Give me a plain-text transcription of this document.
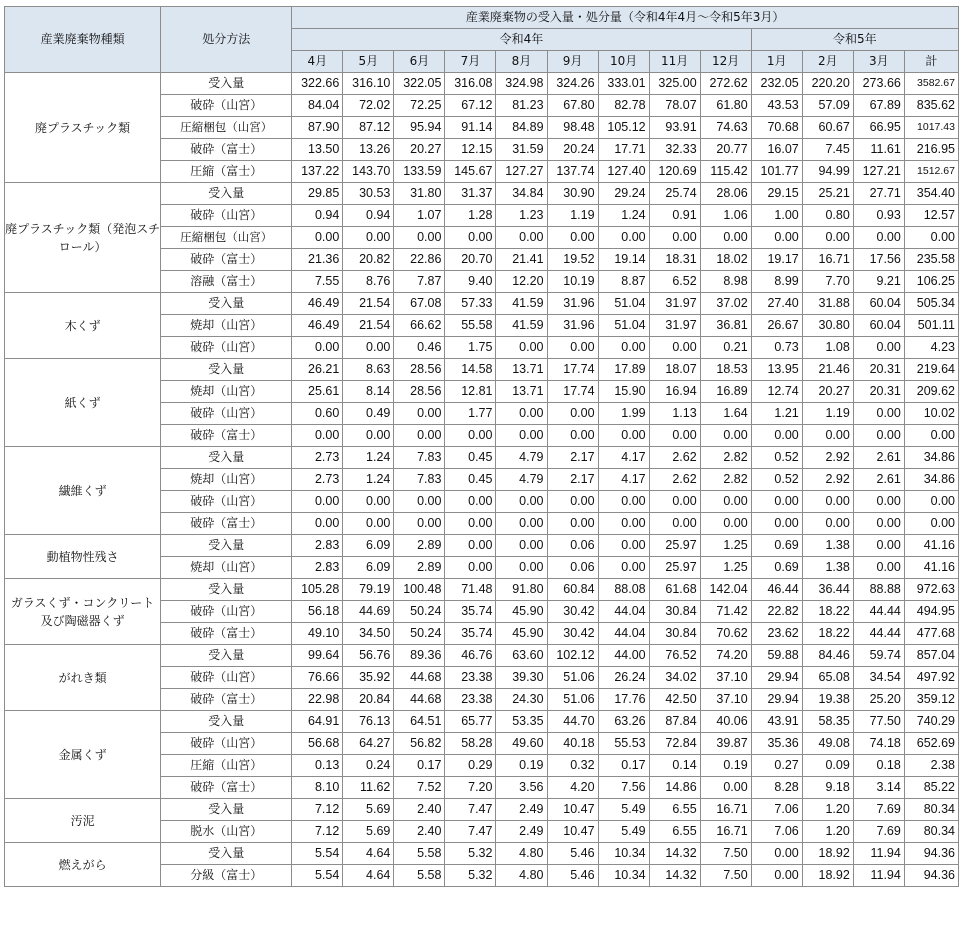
産業廃棄物種類	処分方法	産業廃棄物の受入量・処分量（令和4年4月～令和5年3月）												
		令和4年									令和5年			
		4月	5月	6月	7月	8月	9月	10月	11月	12月	1月	2月	3月	計
廃プラスチック類	受入量	322.66	316.10	322.05	316.08	324.98	324.26	333.01	325.00	272.62	232.05	220.20	273.66	3582.67
	破砕（山宮）	84.04	72.02	72.25	67.12	81.23	67.80	82.78	78.07	61.80	43.53	57.09	67.89	835.62
	圧縮梱包（山宮）	87.90	87.12	95.94	91.14	84.89	98.48	105.12	93.91	74.63	70.68	60.67	66.95	1017.43
	破砕（富士）	13.50	13.26	20.27	12.15	31.59	20.24	17.71	32.33	20.77	16.07	7.45	11.61	216.95
	圧縮（富士）	137.22	143.70	133.59	145.67	127.27	137.74	127.40	120.69	115.42	101.77	94.99	127.21	1512.67
廃プラスチック類（発泡スチロール）	受入量	29.85	30.53	31.80	31.37	34.84	30.90	29.24	25.74	28.06	29.15	25.21	27.71	354.40
	破砕（山宮）	0.94	0.94	1.07	1.28	1.23	1.19	1.24	0.91	1.06	1.00	0.80	0.93	12.57
	圧縮梱包（山宮）	0.00	0.00	0.00	0.00	0.00	0.00	0.00	0.00	0.00	0.00	0.00	0.00	0.00
	破砕（富士）	21.36	20.82	22.86	20.70	21.41	19.52	19.14	18.31	18.02	19.17	16.71	17.56	235.58
	溶融（富士）	7.55	8.76	7.87	9.40	12.20	10.19	8.87	6.52	8.98	8.99	7.70	9.21	106.25
木くず	受入量	46.49	21.54	67.08	57.33	41.59	31.96	51.04	31.97	37.02	27.40	31.88	60.04	505.34
	焼却（山宮）	46.49	21.54	66.62	55.58	41.59	31.96	51.04	31.97	36.81	26.67	30.80	60.04	501.11
	破砕（山宮）	0.00	0.00	0.46	1.75	0.00	0.00	0.00	0.00	0.21	0.73	1.08	0.00	4.23
紙くず	受入量	26.21	8.63	28.56	14.58	13.71	17.74	17.89	18.07	18.53	13.95	21.46	20.31	219.64
	焼却（山宮）	25.61	8.14	28.56	12.81	13.71	17.74	15.90	16.94	16.89	12.74	20.27	20.31	209.62
	破砕（山宮）	0.60	0.49	0.00	1.77	0.00	0.00	1.99	1.13	1.64	1.21	1.19	0.00	10.02
	破砕（富士）	0.00	0.00	0.00	0.00	0.00	0.00	0.00	0.00	0.00	0.00	0.00	0.00	0.00
繊維くず	受入量	2.73	1.24	7.83	0.45	4.79	2.17	4.17	2.62	2.82	0.52	2.92	2.61	34.86
	焼却（山宮）	2.73	1.24	7.83	0.45	4.79	2.17	4.17	2.62	2.82	0.52	2.92	2.61	34.86
	破砕（山宮）	0.00	0.00	0.00	0.00	0.00	0.00	0.00	0.00	0.00	0.00	0.00	0.00	0.00
	破砕（富士）	0.00	0.00	0.00	0.00	0.00	0.00	0.00	0.00	0.00	0.00	0.00	0.00	0.00
動植物性残さ	受入量	2.83	6.09	2.89	0.00	0.00	0.06	0.00	25.97	1.25	0.69	1.38	0.00	41.16
	焼却（山宮）	2.83	6.09	2.89	0.00	0.00	0.06	0.00	25.97	1.25	0.69	1.38	0.00	41.16
ガラスくず・コンクリート及び陶磁器くず	受入量	105.28	79.19	100.48	71.48	91.80	60.84	88.08	61.68	142.04	46.44	36.44	88.88	972.63
	破砕（山宮）	56.18	44.69	50.24	35.74	45.90	30.42	44.04	30.84	71.42	22.82	18.22	44.44	494.95
	破砕（富士）	49.10	34.50	50.24	35.74	45.90	30.42	44.04	30.84	70.62	23.62	18.22	44.44	477.68
がれき類	受入量	99.64	56.76	89.36	46.76	63.60	102.12	44.00	76.52	74.20	59.88	84.46	59.74	857.04
	破砕（山宮）	76.66	35.92	44.68	23.38	39.30	51.06	26.24	34.02	37.10	29.94	65.08	34.54	497.92
	破砕（富士）	22.98	20.84	44.68	23.38	24.30	51.06	17.76	42.50	37.10	29.94	19.38	25.20	359.12
金属くず	受入量	64.91	76.13	64.51	65.77	53.35	44.70	63.26	87.84	40.06	43.91	58.35	77.50	740.29
	破砕（山宮）	56.68	64.27	56.82	58.28	49.60	40.18	55.53	72.84	39.87	35.36	49.08	74.18	652.69
	圧縮（山宮）	0.13	0.24	0.17	0.29	0.19	0.32	0.17	0.14	0.19	0.27	0.09	0.18	2.38
	破砕（富士）	8.10	11.62	7.52	7.20	3.56	4.20	7.56	14.86	0.00	8.28	9.18	3.14	85.22
汚泥	受入量	7.12	5.69	2.40	7.47	2.49	10.47	5.49	6.55	16.71	7.06	1.20	7.69	80.34
	脱水（山宮）	7.12	5.69	2.40	7.47	2.49	10.47	5.49	6.55	16.71	7.06	1.20	7.69	80.34
燃えがら	受入量	5.54	4.64	5.58	5.32	4.80	5.46	10.34	14.32	7.50	0.00	18.92	11.94	94.36
	分級（富士）	5.54	4.64	5.58	5.32	4.80	5.46	10.34	14.32	7.50	0.00	18.92	11.94	94.36
